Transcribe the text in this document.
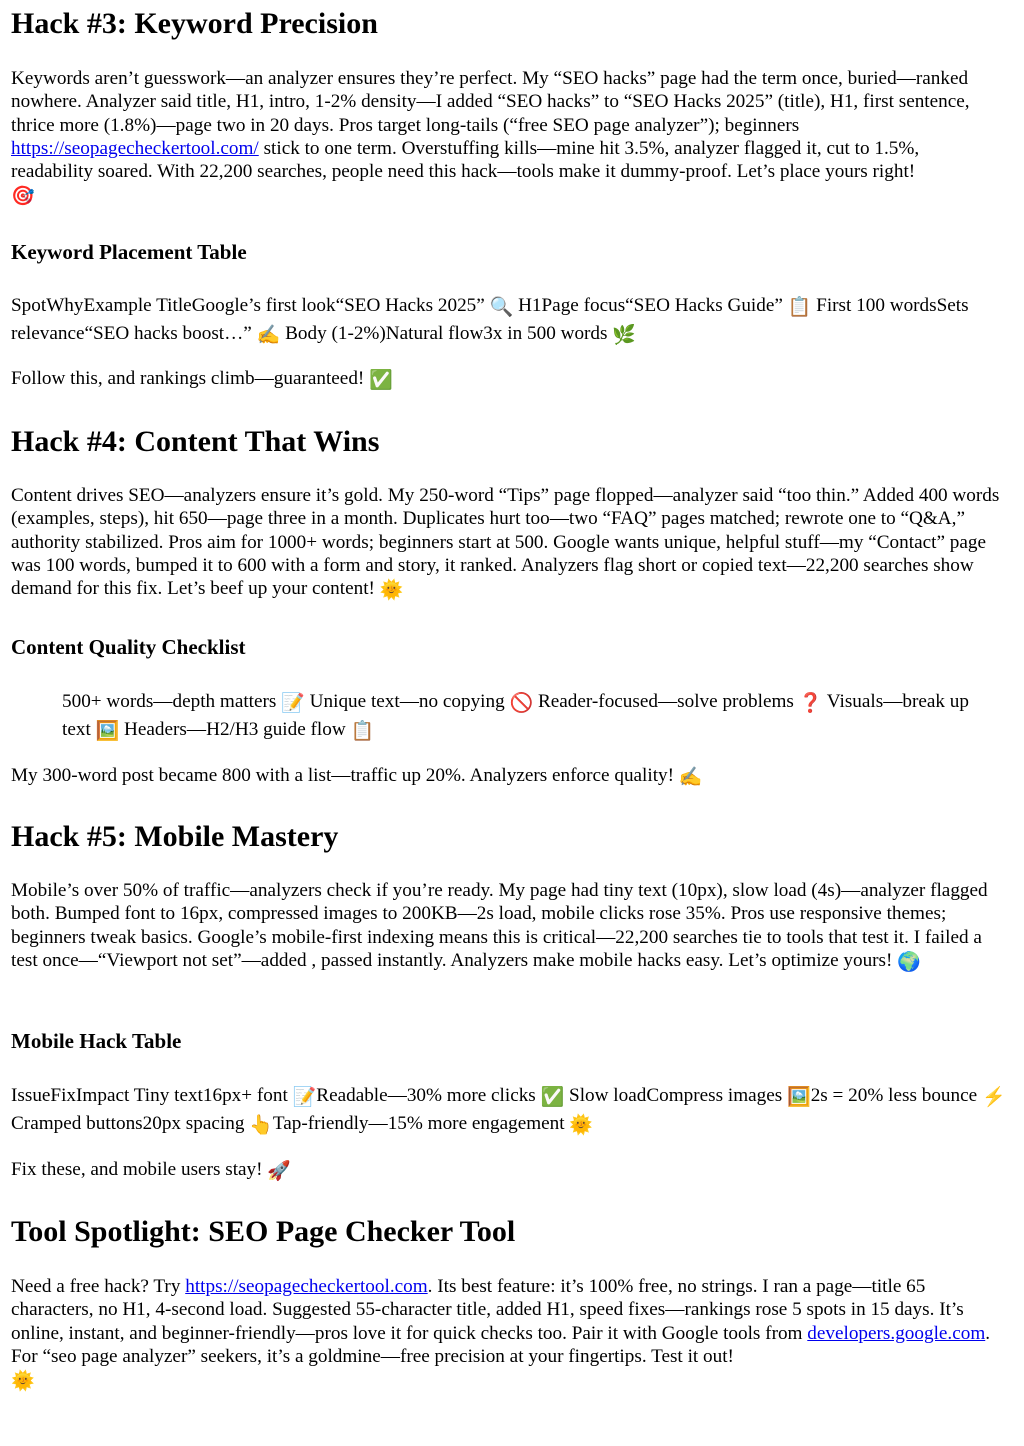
Hack #3: Keyword Precision

Keywords aren’t guesswork—an analyzer ensures they’re perfect. My “SEO hacks” page had the term once, buried—ranked nowhere. Analyzer said title, H1, intro, 1-2% density—I added “SEO hacks” to “SEO Hacks 2025” (title), H1, first sentence, thrice more (1.8%)—page two in 20 days. Pros target long-tails (“free SEO page analyzer”); beginners https://seopagecheckertool.com/ stick to one term. Overstuffing kills—mine hit 3.5%, analyzer flagged it, cut to 1.5%, readability soared. With 22,200 searches, people need this hack—tools make it dummy-proof. Let’s place yours right!
🎯

Keyword Placement Table

SpotWhyExample TitleGoogle’s first look“SEO Hacks 2025” 🔍 H1Page focus“SEO Hacks Guide” 📋 First 100 wordsSets relevance“SEO hacks boost…” ✍️ Body (1-2%)Natural flow3x in 500 words 🌿

Follow this, and rankings climb—guaranteed! ✅

Hack #4: Content That Wins

Content drives SEO—analyzers ensure it’s gold. My 250-word “Tips” page flopped—analyzer said “too thin.” Added 400 words (examples, steps), hit 650—page three in a month. Duplicates hurt too—two “FAQ” pages matched; rewrote one to “Q&A,” authority stabilized. Pros aim for 1000+ words; beginners start at 500. Google wants unique, helpful stuff—my “Contact” page was 100 words, bumped it to 600 with a form and story, it ranked. Analyzers flag short or copied text—22,200 searches show demand for this fix. Let’s beef up your content! 🌞

Content Quality Checklist

500+ words—depth matters 📝 Unique text—no copying 🚫 Reader-focused—solve problems ❓ Visuals—break up text 🖼️ Headers—H2/H3 guide flow 📋

My 300-word post became 800 with a list—traffic up 20%. Analyzers enforce quality! ✍️

Hack #5: Mobile Mastery

Mobile’s over 50% of traffic—analyzers check if you’re ready. My page had tiny text (10px), slow load (4s)—analyzer flagged both. Bumped font to 16px, compressed images to 200KB—2s load, mobile clicks rose 35%. Pros use responsive themes; beginners tweak basics. Google’s mobile-first indexing means this is critical—22,200 searches tie to tools that test it. I failed a test once—“Viewport not set”—added , passed instantly. Analyzers make mobile hacks easy. Let’s optimize yours! 🌍

Mobile Hack Table

IssueFixImpact Tiny text16px+ font 📝Readable—30% more clicks ✅ Slow loadCompress images 🖼️2s = 20% less bounce ⚡ Cramped buttons20px spacing 👆Tap-friendly—15% more engagement 🌞

Fix these, and mobile users stay! 🚀

Tool Spotlight: SEO Page Checker Tool

Need a free hack? Try https://seopagecheckertool.com. Its best feature: it’s 100% free, no strings. I ran a page—title 65 characters, no H1, 4-second load. Suggested 55-character title, added H1, speed fixes—rankings rose 5 spots in 15 days. It’s online, instant, and beginner-friendly—pros love it for quick checks too. Pair it with Google tools from developers.google.com. For “seo page analyzer” seekers, it’s a goldmine—free precision at your fingertips. Test it out!
🌞
